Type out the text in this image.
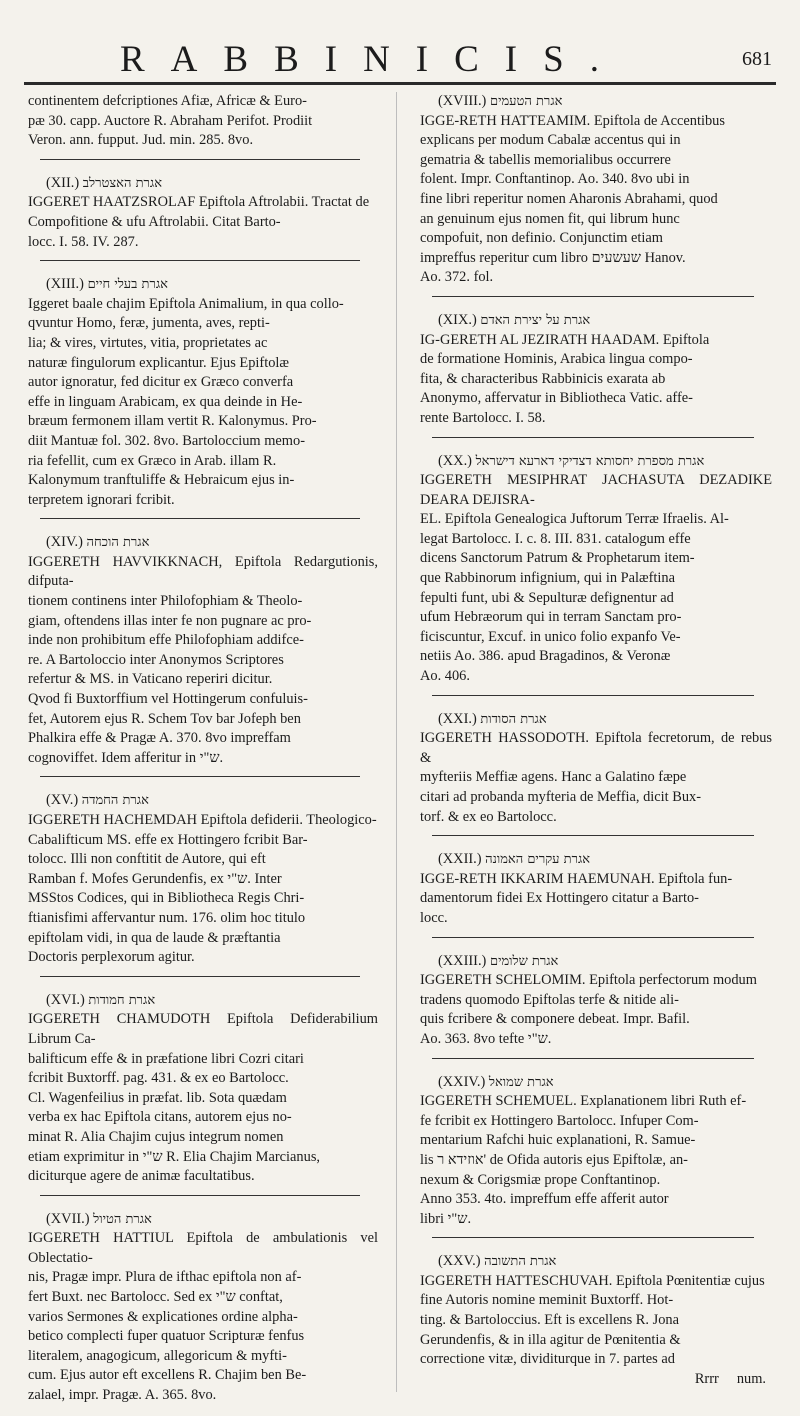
RABBINICIS.	681

continentem defcriptiones Afiæ, Africæ & Euro-

pæ 30. capp. Auctore R. Abraham Perifot. Prodiit

Veron. ann. fupput. Jud. min. 285. 8vo.

(XII.) אגרת האצטרלב

IGGERET HAATZSROLAF Epiftola Aftrolabii. Tractat de

Compofitione & ufu Aftrolabii. Citat Barto-

locc. I. 58. IV. 287.

(XIII.) אגרת בעלי חיים

Iggeret baale chajim Epiftola Animalium, in qua collo-

qvuntur Homo, feræ, jumenta, aves, repti-

lia; & vires, virtutes, vitia, proprietates ac

naturæ fingulorum explicantur. Ejus Epiftolæ

autor ignoratur, fed dicitur ex Græco converfa

effe in linguam Arabicam, ex qua deinde in He-

bræum fermonem illam vertit R. Kalonymus. Pro-

diit Mantuæ fol. 302. 8vo. Bartoloccium memo-

ria fefellit, cum ex Græco in Arab. illam R.

Kalonymum tranftuliffe & Hebraicum ejus in-

terpretem ignorari fcribit.

(XIV.) אגרת הוכחה

IGGERETH HAVVIKKNACH, Epiftola Redargutionis, difputa-

tionem continens inter Philofophiam & Theolo-

giam, oftendens illas inter fe non pugnare ac pro-

inde non prohibitum effe Philofophiam addifce-

re. A Bartoloccio inter Anonymos Scriptores

refertur & MS. in Vaticano reperiri dicitur.

Qvod fi Buxtorffium vel Hottingerum confuluis-

fet, Autorem ejus R. Schem Tov bar Jofeph ben

Phalkira effe & Pragæ A. 370. 8vo impreffam

cognoviffet. Idem afferitur in ש"י.

(XV.) אגרת החמדה

IGGERETH HACHEMDAH Epiftola defiderii. Theologico-

Cabalifticum MS. effe ex Hottingero fcribit Bar-

tolocc. Illi non conftitit de Autore, qui eft

Ramban f. Mofes Gerundenfis, ex ש"י. Inter

MSStos Codices, qui in Bibliotheca Regis Chri-

ftianisfimi affervantur num. 176. olim hoc titulo

epiftolam vidi, in qua de laude & præftantia

Doctoris perplexorum agitur.

(XVI.) אגרת חמודות

IGGERETH CHAMUDOTH Epiftola Defiderabilium Librum Ca-

balifticum effe & in præfatione libri Cozri citari

fcribit Buxtorff. pag. 431. & ex eo Bartolocc.

Cl. Wagenfeilius in præfat. lib. Sota quædam

verba ex hac Epiftola citans, autorem ejus no-

minat R. Alia Chajim cujus integrum nomen

etiam exprimitur in ש"י R. Elia Chajim Marcianus,

diciturque agere de animæ facultatibus.

(XVII.) אגרת הטיול

IGGERETH HATTIUL Epiftola de ambulationis vel Oblectatio-

nis, Pragæ impr. Plura de ifthac epiftola non af-

fert Buxt. nec Bartolocc. Sed ex ש"י conftat,

varios Sermones & explicationes ordine alpha-

betico complecti fuper quatuor Scripturæ fenfus

literalem, anagogicum, allegoricum & myfti-

cum. Ejus autor eft excellens R. Chajim ben Be-

zalael, impr. Pragæ. A. 365. 8vo.

(XVIII.) אגרת הטעמים

IGGE-RETH HATTEAMIM. Epiftola de Accentibus

explicans per modum Cabalæ accentus qui in

gematria & tabellis memorialibus occurrere

folent. Impr. Conftantinop. Ao. 340. 8vo ubi in

fine libri reperitur nomen Aharonis Abrahami, quod

an genuinum ejus nomen fit, qui librum hunc

compofuit, non definio. Conjunctim etiam

impreffus reperitur cum libro שעשעים Hanov.

Ao. 372. fol.

(XIX.) אגרת על יצירת האדם

IG-GERETH AL JEZIRATH HAADAM. Epiftola

de formatione Hominis, Arabica lingua compo-

fita, & characteribus Rabbinicis exarata ab

Anonymo, affervatur in Bibliotheca Vatic. affe-

rente Bartolocc. I. 58.

(XX.) אגרת מספרת יחסותא דצדיקי דארעא דישראל

IGGERETH MESIPHRAT JACHASUTA DEZADIKE DEARA DEJISRA-

EL. Epiftola Genealogica Juftorum Terræ Ifraelis. Al-

legat Bartolocc. I. c. 8. III. 831. catalogum effe

dicens Sanctorum Patrum & Prophetarum item-

que Rabbinorum infignium, qui in Palæftina

fepulti funt, ubi & Sepulturæ defignentur ad

ufum Hebræorum qui in terram Sanctam pro-

ficiscuntur, Excuf. in unico folio expanfo Ve-

netiis Ao. 386. apud Bragadinos, & Veronæ

Ao. 406.

(XXI.) אגרת הסודות

IGGERETH HASSODOTH. Epiftola fecretorum, de rebus &

myfteriis Meffiæ agens. Hanc a Galatino fæpe

citari ad probanda myfteria de Meffia, dicit Bux-

torf. & ex eo Bartolocc.

(XXII.) אגרת עקרים האמונה

IGGE-RETH IKKARIM HAEMUNAH. Epiftola fun-

damentorum fidei Ex Hottingero citatur a Barto-

locc.

(XXIII.) אגרת שלומים

IGGERETH SCHELOMIM. Epiftola perfectorum modum

tradens quomodo Epiftolas terfe & nitide ali-

quis fcribere & componere debeat. Impr. Bafil.

Ao. 363. 8vo tefte ש"י.

(XXIV.) אגרת שמואל

IGGERETH SCHEMUEL. Explanationem libri Ruth ef-

fe fcribit ex Hottingero Bartolocc. Infuper Com-

mentarium Rafchi huic explanationi, R. Samue-

lis אוזידא ר' de Ofida autoris ejus Epiftolæ, an-

nexum & Corigsmiæ prope Conftantinop.

Anno 353. 4to. impreffum effe afferit autor

libri ש"י.

(XXV.) אגרת התשובה

IGGERETH HATTESCHUVAH. Epiftola Pœnitentiæ cujus

fine Autoris nomine meminit Buxtorff. Hot-

ting. & Bartoloccius. Eft is excellens R. Jona

Gerundenfis, & in illa agitur de Pœnitentia &

correctione vitæ, dividiturque in 7. partes ad

Rrrr num.
